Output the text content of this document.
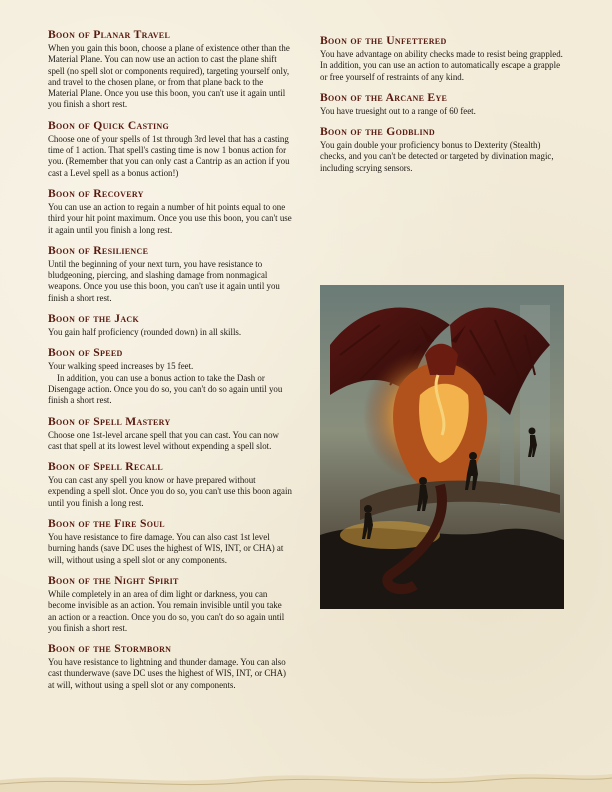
Boon of Planar Travel

When you gain this boon, choose a plane of existence other than the Material Plane. You can now use an action to cast the plane shift spell (no spell slot or components required), targeting yourself only, and travel to the chosen plane, or from that plane back to the Material Plane. Once you use this boon, you can't use it again until you finish a short rest.

Boon of Quick Casting

Choose one of your spells of 1st through 3rd level that has a casting time of 1 action. That spell's casting time is now 1 bonus action for you. (Remember that you can only cast a Cantrip as an action if you cast a Level spell as a bonus action!)

Boon of Recovery

You can use an action to regain a number of hit points equal to one third your hit point maximum. Once you use this boon, you can't use it again until you finish a long rest.

Boon of Resilience

Until the beginning of your next turn, you have resistance to bludgeoning, piercing, and slashing damage from nonmagical weapons. Once you use this boon, you can't use it again until you finish a short rest.

Boon of the Jack

You gain half proficiency (rounded down) in all skills.

Boon of Speed

Your walking speed increases by 15 feet.

In addition, you can use a bonus action to take the Dash or Disengage action. Once you do so, you can't do so again until you finish a short rest.

Boon of Spell Mastery

Choose one 1st-level arcane spell that you can cast. You can now cast that spell at its lowest level without expending a spell slot.

Boon of Spell Recall

You can cast any spell you know or have prepared without expending a spell slot. Once you do so, you can't use this boon again until you finish a long rest.

Boon of the Fire Soul

You have resistance to fire damage. You can also cast 1st level burning hands (save DC uses the highest of WIS, INT, or CHA) at will, without using a spell slot or any components.

Boon of the Night Spirit

While completely in an area of dim light or darkness, you can become invisible as an action. You remain invisible until you take an action or a reaction. Once you do so, you can't do so again until you finish a short rest.

Boon of the Stormborn

You have resistance to lightning and thunder damage. You can also cast thunderwave (save DC uses the highest of WIS, INT, or CHA) at will, without using a spell slot or any components.

Boon of the Unfettered

You have advantage on ability checks made to resist being grappled. In addition, you can use an action to automatically escape a grapple or free yourself of restraints of any kind.

Boon of the Arcane Eye

You have truesight out to a range of 60 feet.

Boon of the Godblind

You gain double your proficiency bonus to Dexterity (Stealth) checks, and you can't be detected or targeted by divination magic, including scrying sensors.
